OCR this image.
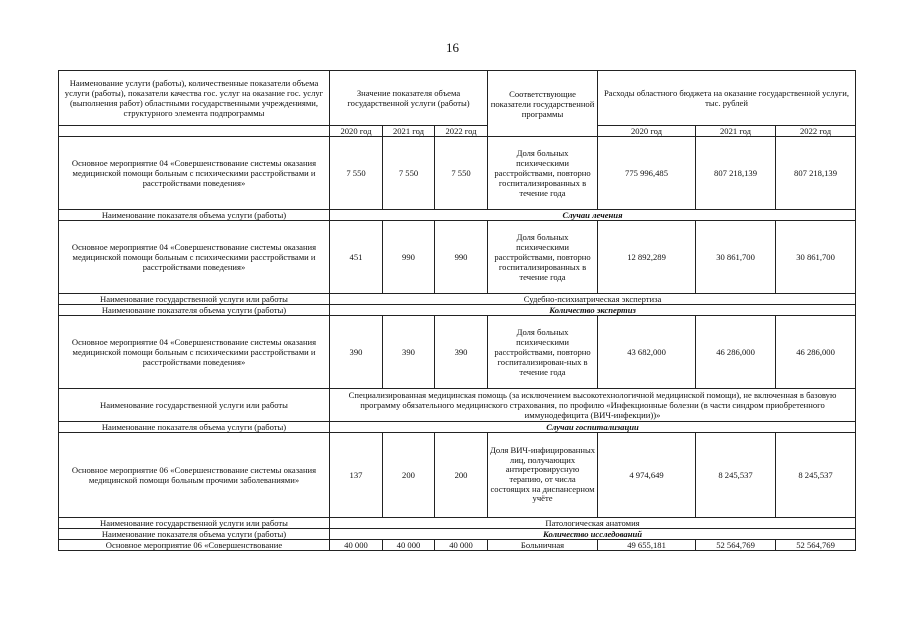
16
Наименование услуги (работы), количественные показатели объема услуги (работы), показатели качества гос. услуг на оказание гос. услуг (выполнения работ) областными государственными учреждениями, структурного элемента подпрограммы	Значение показателя объема государственной услуги (работы)			Соответствующие показатели государственной программы	Расходы областного бюджета на оказание государственной услуги, тыс. рублей		
	2020 год	2021 год	2022 год		2020 год	2021 год	2022 год
Основное мероприятие 04 «Совершенствование системы оказания медицинской помощи больным с психическими расстройствами и расстройствами поведения»	7 550	7 550	7 550	Доля больных психическими расстройствами, повторно госпитализированных в течение года	775 996,485	807 218,139	807 218,139
Наименование показателя объема услуги (работы)	Случаи лечения						
Основное мероприятие 04 «Совершенствование системы оказания медицинской помощи больным с психическими расстройствами и расстройствами поведения»	451	990	990	Доля больных психическими расстройствами, повторно госпитализированных в течение года	12 892,289	30 861,700	30 861,700
Наименование государственной услуги или работы	Судебно-психиатрическая экспертиза						
Наименование показателя объема услуги (работы)	Количество экспертиз						
Основное мероприятие 04 «Совершенствование системы оказания медицинской помощи больным с психическими расстройствами и расстройствами поведения»	390	390	390	Доля больных психическими расстройствами, повторно госпитализирован-ных в течение года	43 682,000	46 286,000	46 286,000
Наименование государственной услуги или работы	Специализированная медицинская помощь (за исключением высокотехнологичной медицинской помощи), не включенная в базовую программу обязательного медицинского страхования, по профилю «Инфекционные болезни (в части синдром приобретенного иммунодефицита (ВИЧ-инфекции))»						
Наименование показателя объема услуги (работы)	Случаи госпитализации						
Основное мероприятие 06 «Совершенствование системы оказания медицинской помощи больным прочими заболеваниями»	137	200	200	Доля ВИЧ-инфицированных лиц, получающих антиретровирусную терапию, от числа состоящих на диспансерном учёте	4 974,649	8 245,537	8 245,537
Наименование государственной услуги или работы	Патологическая анатомия						
Наименование показателя объема услуги (работы)	Количество исследований						
Основное мероприятие 06 «Совершенствование	40 000	40 000	40 000	Больничная	49 655,181	52 564,769	52 564,769
